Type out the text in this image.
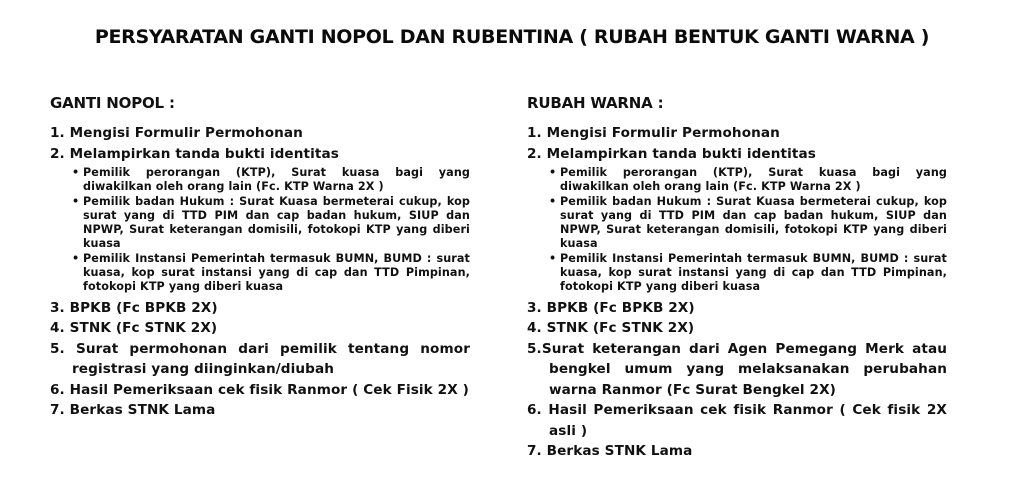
PERSYARATAN GANTI NOPOL DAN RUBENTINA ( RUBAH BENTUK GANTI WARNA )
GANTI NOPOL :
1. Mengisi Formulir Permohonan
2. Melampirkan tanda bukti identitas
• Pemilik perorangan (KTP), Surat kuasa bagi yang diwakilkan oleh orang lain (Fc. KTP Warna 2X )
• Pemilik badan Hukum : Surat Kuasa bermeterai cukup, kop surat yang di TTD PIM dan cap badan hukum, SIUP dan NPWP, Surat keterangan domisili, fotokopi KTP yang diberi kuasa
• Pemilik Instansi Pemerintah termasuk BUMN, BUMD : surat kuasa, kop surat instansi yang di cap dan TTD Pimpinan, fotokopi KTP yang diberi kuasa
3. BPKB (Fc BPKB 2X)
4. STNK (Fc STNK 2X)
5. Surat permohonan dari pemilik tentang nomor registrasi yang diinginkan/diubah
6. Hasil Pemeriksaan cek fisik Ranmor ( Cek Fisik 2X )
7. Berkas STNK Lama
RUBAH WARNA :
1. Mengisi Formulir Permohonan
2. Melampirkan tanda bukti identitas
• Pemilik perorangan (KTP), Surat kuasa bagi yang diwakilkan oleh orang lain (Fc. KTP Warna 2X )
• Pemilik badan Hukum : Surat Kuasa bermeterai cukup, kop surat yang di TTD PIM dan cap badan hukum, SIUP dan NPWP, Surat keterangan domisili, fotokopi KTP yang diberi kuasa
• Pemilik Instansi Pemerintah termasuk BUMN, BUMD : surat kuasa, kop surat instansi yang di cap dan TTD Pimpinan, fotokopi KTP yang diberi kuasa
3. BPKB (Fc BPKB 2X)
4. STNK (Fc STNK 2X)
5.Surat keterangan dari Agen Pemegang Merk atau bengkel umum yang melaksanakan perubahan warna Ranmor (Fc Surat Bengkel 2X)
6. Hasil Pemeriksaan cek fisik Ranmor ( Cek fisik 2X asli )
7. Berkas STNK Lama
